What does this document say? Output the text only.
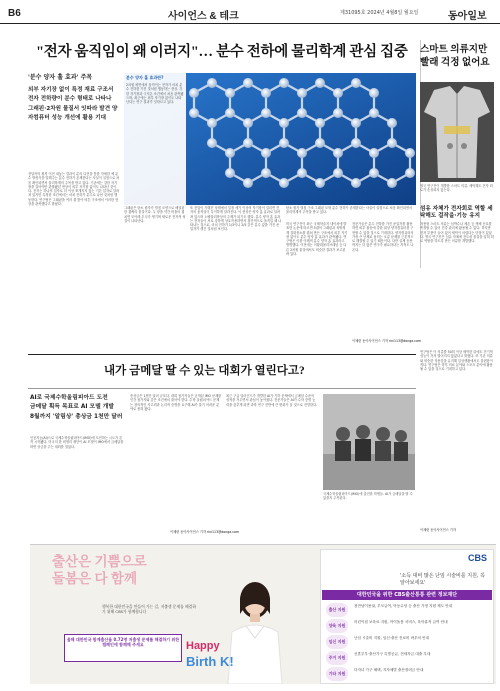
B6	사이언스 & 테크	제31095호 2024년 4월8일 월요일	동아일보
"전자 움직임이 왜 이러지"… 분수 전하에 물리학계 관심 집중

'분수 양자 홀 효과' 주목

외부 자기장 없이 특정 재료 구조서 전자 전하량이 분수 형태로 나타나

그래핀·2차원 물질서 잇따라 발견 양자컴퓨터 성능 개선에 활용 기대

전달자의 원칙 이전 내놓는 결과이 분의 다전을 통한 자세한 예 분수 방정식을 말해주는 분수 전하가 존재한다는 사실이 실험으로 처음 확인되면서 물리학계의 주목을 받고 있다. 기존에는 강한 자기장을 걸어야만 관찰됐던 현상이 외부 자기장 없이도 나타난 것이다. 전자는 하나의 입자로 더 이상 쪼개지지 않는 기본 입자로 알려져 있지만 특정한 조건에서는 마치 전하가 분수로 나뉜 것처럼 행동한다. 연구팀은 그래핀을 여러 겹 쌓아 비튼 구조에서 이러한 현상을 관측했다고 밝혔다.
분수 양자 홀 효과란?
2차원 평면에서 움직이는 전자가 마치 분수 전하를 가진 것처럼 행동하는 현상. 강한 자기장과 극저온 조건에서 처음 관측됐으며, 최근에는 외부 자기장 없이도 나타난다는 연구 결과가 잇따르고 있다.
탄소 원자 벌집 구조 그래핀 모형 분수 전하가 존재한다는 사실이 실험으로 처음 확인되면서 물리학계의 주목을 받고 있다.
그래핀은 탄소 원자가 벌집 모양으로 배열된 한 겹짜리 물질이다. 두 장을 약간 비틀어 겹치면 모아레 무늬가 생기며 새로운 전자적 성질이 나타난다.
또 전압이 가해진 상태에서 일정 세기 이상의 자기장이 걸리면 전자의 움직임이 특이하게 달라진다. 이 현상은 양자 홀 효과로 알려져 있으며 노벨물리학상의 주제가 되기도 했다. 분수 양자 홀 효과는 전자들이 서로 강하게 상호작용하면서 집단적으로 움직일 때 나타나는 것으로, 마치 전하가 1/3이나 2/5 같은 분수 값을 가진 준입자가 생긴 것처럼 보인다.
미국 연구진이 최근 국제학술지 네이처에 발표한 논문에 따르면 5겹의 그래핀과 육방정계 질화붕소를 겹쳐 만든 구조에서 외부 자기장 없이도 분수 양자 홀 효과가 관측됐다. 연구팀은 이를 이례적 분수 양자 홀 효과라고 명명했다. 이전에는 이황화몰리브데넘 등 다른 2차원 물질에서도 비슷한 결과가 보고된 바 있다.
전문가들은 분수 전하를 가진 준입자를 활용하면 외부 잡음에 강한 위상 양자컴퓨터를 구현할 수 있을 것으로 기대한다. 양자컴퓨터의 가장 큰 난제로 꼽히는 오류 문제를 근본적으로 해결할 수 있기 때문이다. 다만 실제 응용까지는 더 많은 연구가 필요하다는 지적도 나온다.
이채린 동아사이언스 기자 rini113@donga.com
스마트 의류지만 빨래 걱정 없어요
영국 연구진이 개발한 스마트 의류. 세탁해도 전자 회로가 손상되지 않는다.
섬유 자체가 전자회로 역할 세탁해도 걸작을·기능 유지
착용형 스마트 의류는 심박수나 체온 등 생체 신호를 측정할 수 있어 건강 관리에 활용될 수 있다. 하지만 전자 부품이 들어 있어 세탁이 어렵다는 단점이 있었다. 영국 연구진은 섬유 자체에 전도성 물질을 입혀 회로 역할을 하도록 만든 의류를 개발했다.
내가 금메달 딸 수 있는 대회가 열린다고?

AI로 국제수학올림피아드 도전

금메달 획득 목표로 AI 모델 개발

8월까지 '알림상' 총상금 1천만 달러

인공지능(AI)으로 국제수학올림피아드(IMO)에 도전하는 시도가 본격 시작됐다. 미국의 한 비영리 재단이 AI 모델이 IMO에서 금메달을 따면 상금을 주는 대회를 열었다.
총상금은 1천만 달러 규모다. 대회 참가자들은 공개된 IMO 문제를 인간 참가자와 같은 조건에서 풀어야 한다. 수학 올림피아드 문제는 창의적인 사고력과 논리적 증명을 요구해 AI가 풀기 어려운 분야로 꼽혀 왔다.
최근 구글 딥마인드가 개발한 AI가 기하 문제에서 금메달 수준의 성적을 거두면서 관심이 높아졌다. 전문가들은 AI가 수학 증명 능력을 갖추게 되면 과학 연구 전반에 큰 변화가 올 것으로 전망한다.
국제수학올림피아드(IMO)에 출전한 학생들. AI가 금메달을 딸 수 있을지 주목된다.
이채린 동아사이언스 기자 rini113@donga.com
연구팀은 이 의류를 50회 이상 세탁한 뒤에도 전기적 성능이 거의 떨어지지 않았다고 밝혔다. 또 기존 의류와 비슷한 착용감을 유지해 일상생활에서도 불편함이 적다. 연구팀은 향후 의료 분야와 스포츠 분야에 활용될 수 있을 것으로 기대하고 있다.
이채린 동아사이언스 기자
출산은 기쁨으로
돌봄은 다 함께
행복한 대한민국을 만들어 가는 길, 저출생 문제를 해결하기 위해 CBS가 함께합니다
올해 대한민국 합계출산율 0.72명 저출생 문제를 해결하기 위한 캠페인에 함께해 주세요	Happy
Birth K!
CBS
'소득 대비 많은 난임 시술비를 지원, 꼭 알아보세요'
대한민국을 위한 CBS출산통통 관련 정보재단
출산 지원
첫만남이용권, 부모급여, 아동수당 등 출산 가정 지원 제도 안내
양육 지원
어린이집 보육료 지원, 아이돌봄 서비스, 육아휴직 급여 안내
임신 지원
난임 시술비 지원, 임신·출산 진료비 바우처 안내
주거 지원
신혼부부·출산가구 특별공급, 전세자금 대출 우대
기타 지원
다자녀 가구 혜택, 지자체별 출산장려금 안내
